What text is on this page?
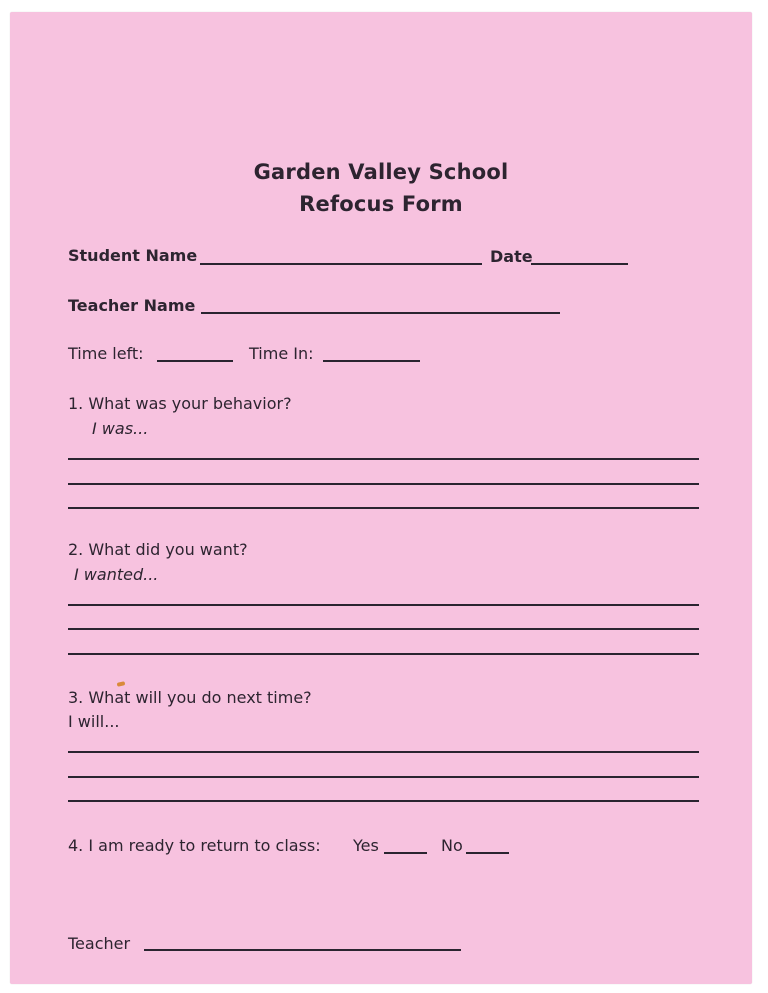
Garden Valley School
Refocus Form
Student Name	Date
Teacher Name
Time left:	Time In:
1. What was your behavior?
I was...
2. What did you want?
I wanted...
3. What will you do next time?
I will...
4. I am ready to return to class: Yes	No
Teacher
